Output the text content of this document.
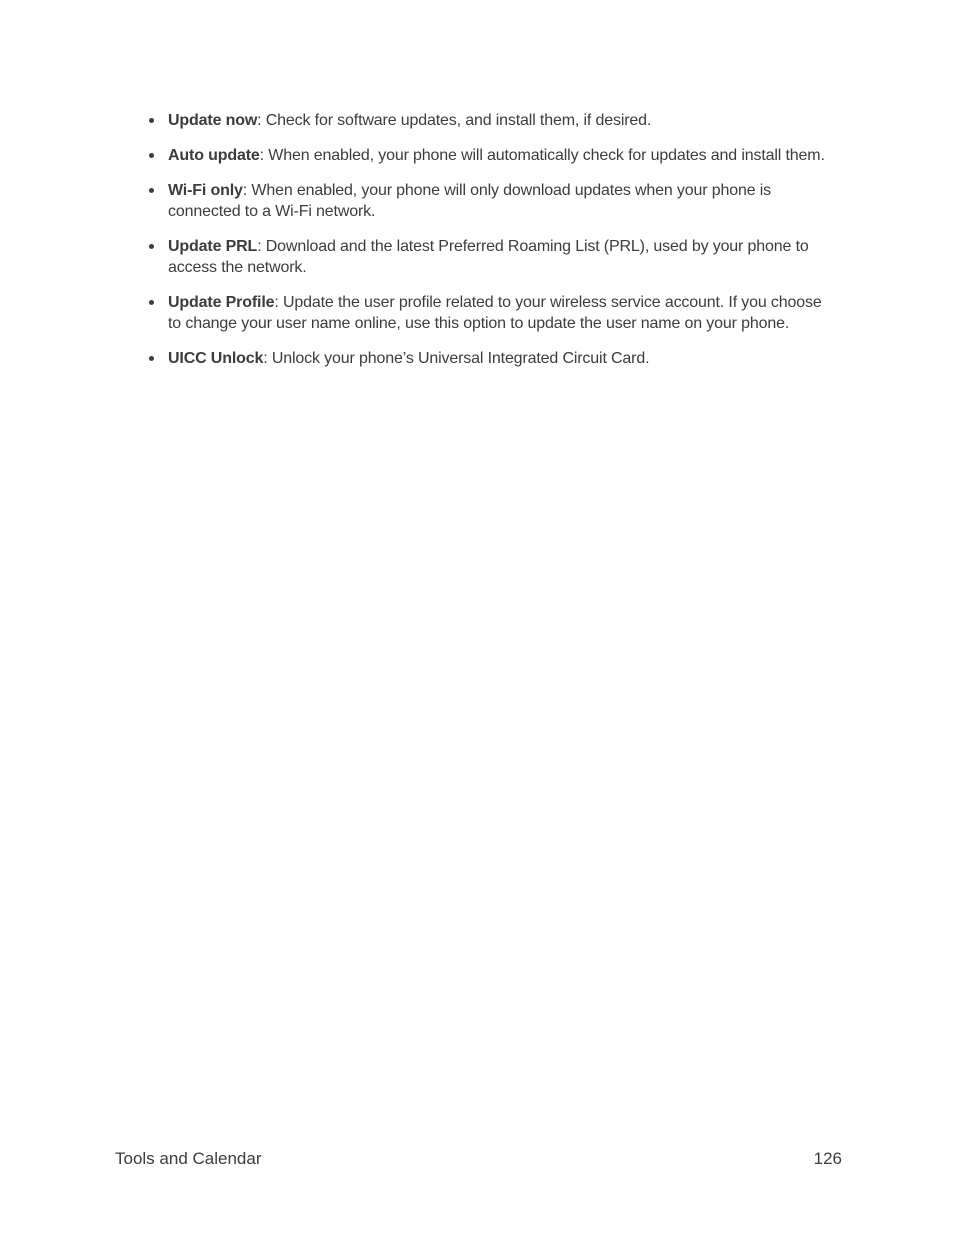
Update now: Check for software updates, and install them, if desired.
Auto update: When enabled, your phone will automatically check for updates and install them.
Wi-Fi only: When enabled, your phone will only download updates when your phone is connected to a Wi-Fi network.
Update PRL: Download and the latest Preferred Roaming List (PRL), used by your phone to access the network.
Update Profile: Update the user profile related to your wireless service account. If you choose to change your user name online, use this option to update the user name on your phone.
UICC Unlock: Unlock your phone’s Universal Integrated Circuit Card.
Tools and Calendar	126
